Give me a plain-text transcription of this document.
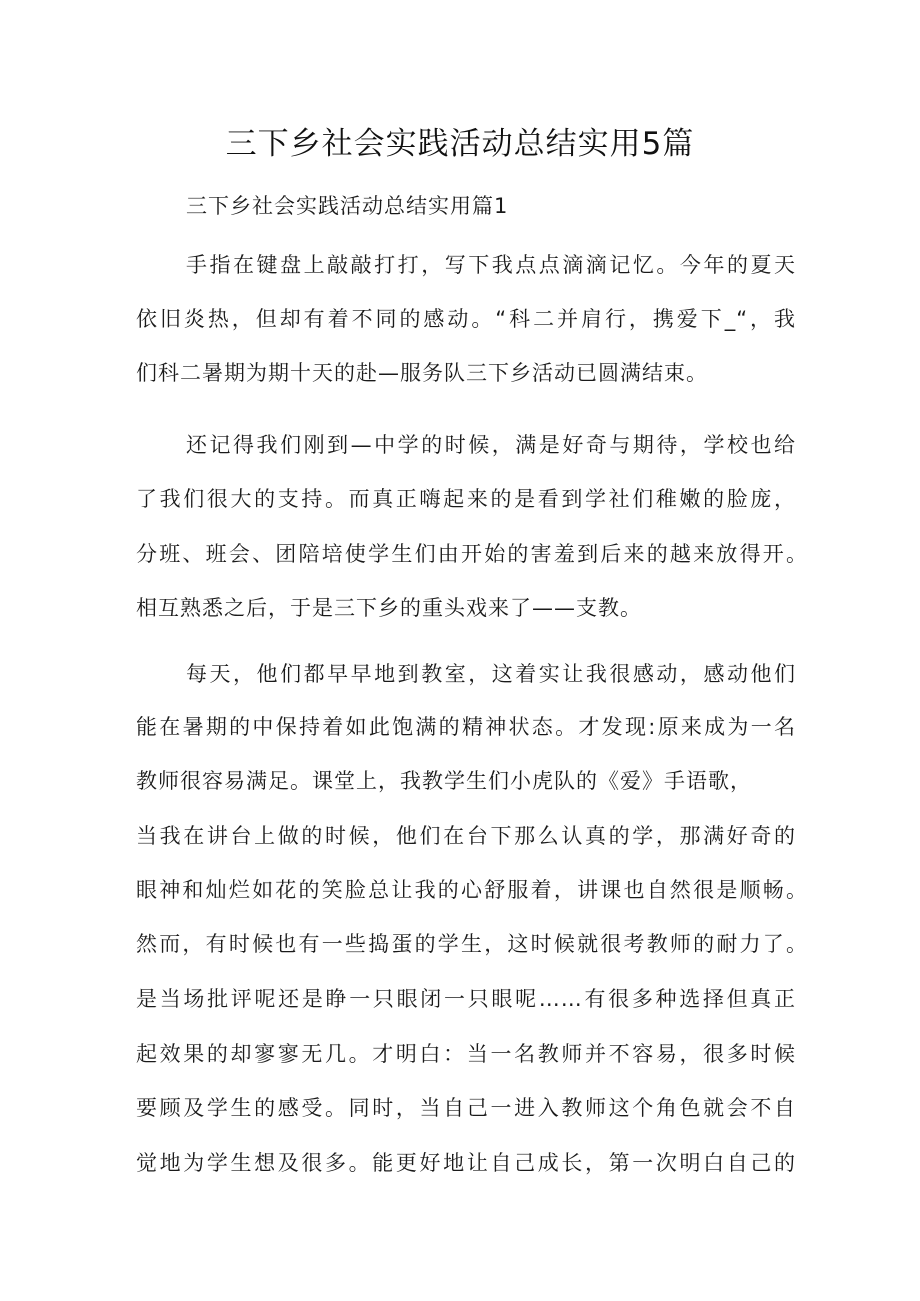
三下乡社会实践活动总结实用5篇

三下乡社会实践活动总结实用篇1

手指在键盘上敲敲打打，写下我点点滴滴记忆。今年的夏天

依旧炎热，但却有着不同的感动。“科二并肩行，携爱下_“，我

们科二暑期为期十天的赴—服务队三下乡活动已圆满结束。

还记得我们刚到—中学的时候，满是好奇与期待，学校也给

了我们很大的支持。而真正嗨起来的是看到学社们稚嫩的脸庞，

分班、班会、团陪培使学生们由开始的害羞到后来的越来放得开。

相互熟悉之后，于是三下乡的重头戏来了——支教。

每天，他们都早早地到教室，这着实让我很感动，感动他们

能在暑期的中保持着如此饱满的精神状态。才发现:原来成为一名

教师很容易满足。课堂上，我教学生们小虎队的《爱》手语歌，

当我在讲台上做的时候，他们在台下那么认真的学，那满好奇的

眼神和灿烂如花的笑脸总让我的心舒服着，讲课也自然很是顺畅。

然而，有时候也有一些捣蛋的学生，这时候就很考教师的耐力了。

是当场批评呢还是睁一只眼闭一只眼呢……有很多种选择但真正

起效果的却寥寥无几。才明白：当一名教师并不容易，很多时候

要顾及学生的感受。同时，当自己一进入教师这个角色就会不自

觉地为学生想及很多。能更好地让自己成长，第一次明白自己的
